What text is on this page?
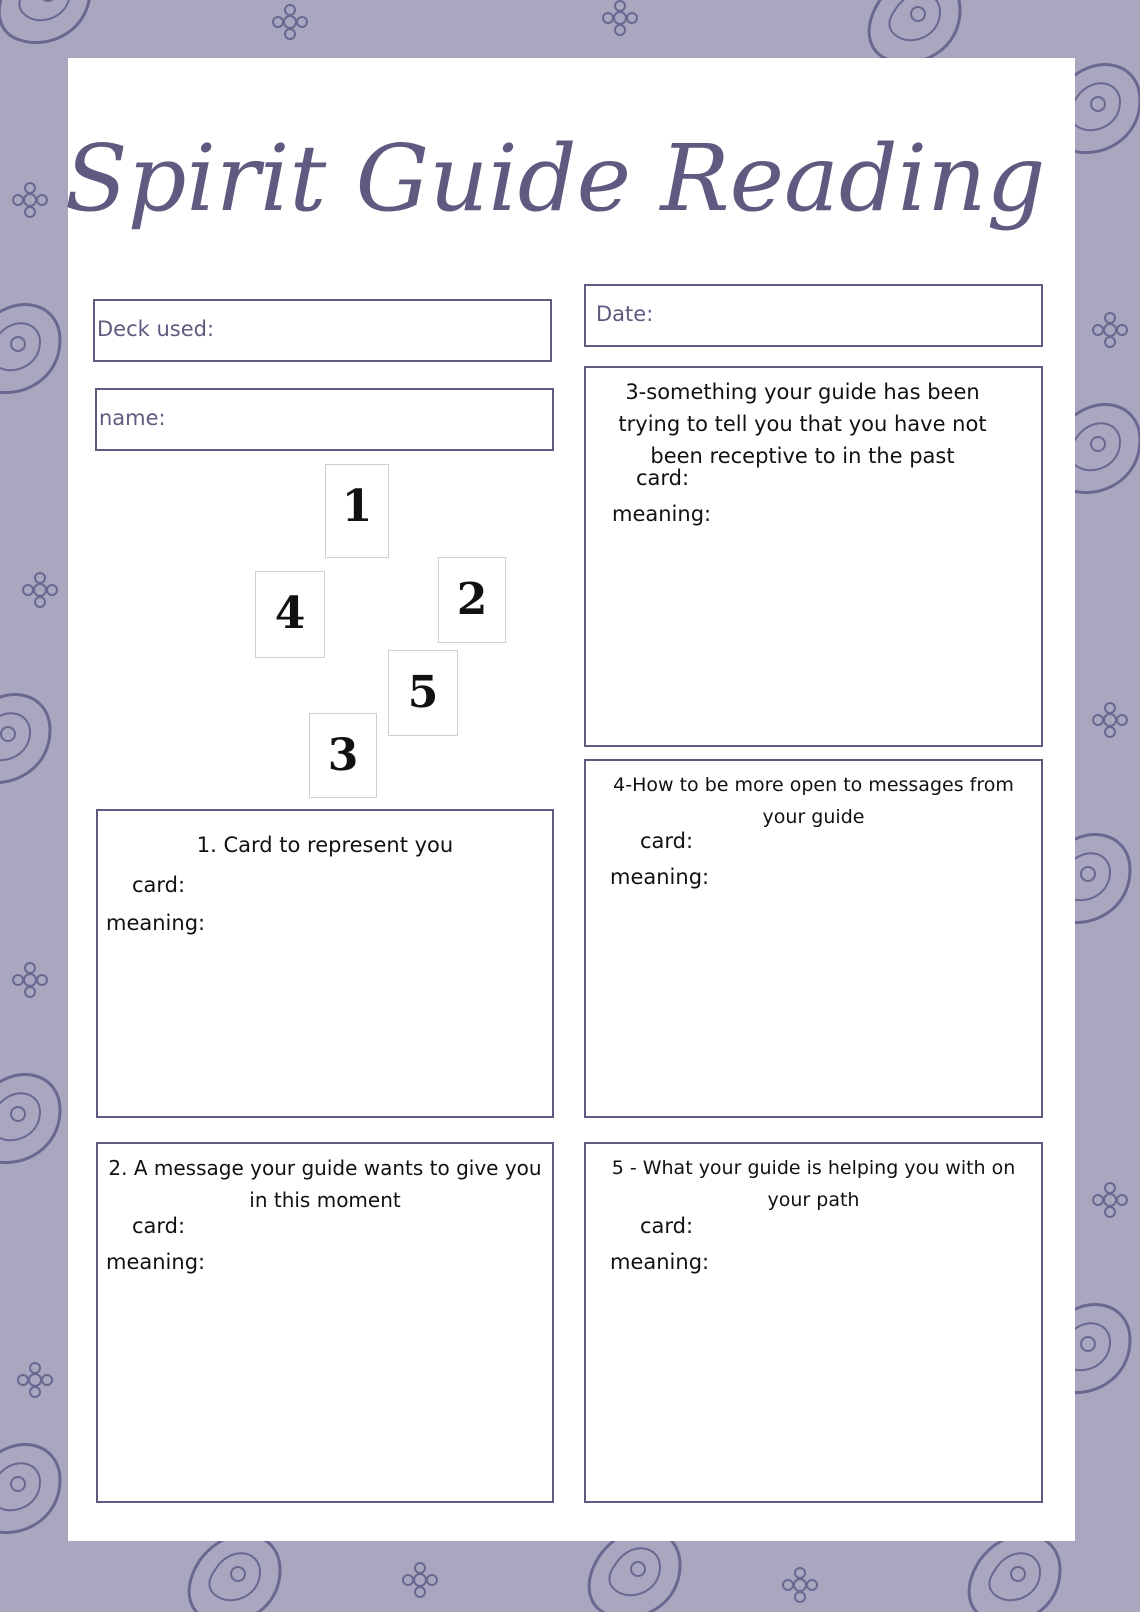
Spirit Guide Reading
Deck used:
Date:
name:
1
2
3
4
5
1. Card to represent you
card:
meaning:
2. A message your guide wants to give you in this moment
card:
meaning:
3-something your guide has been trying to tell you that you have not been receptive to in the past
card:
meaning:
4-How to be more open to messages from your guide
card:
meaning:
5 - What your guide is helping you with on your path
card:
meaning:
